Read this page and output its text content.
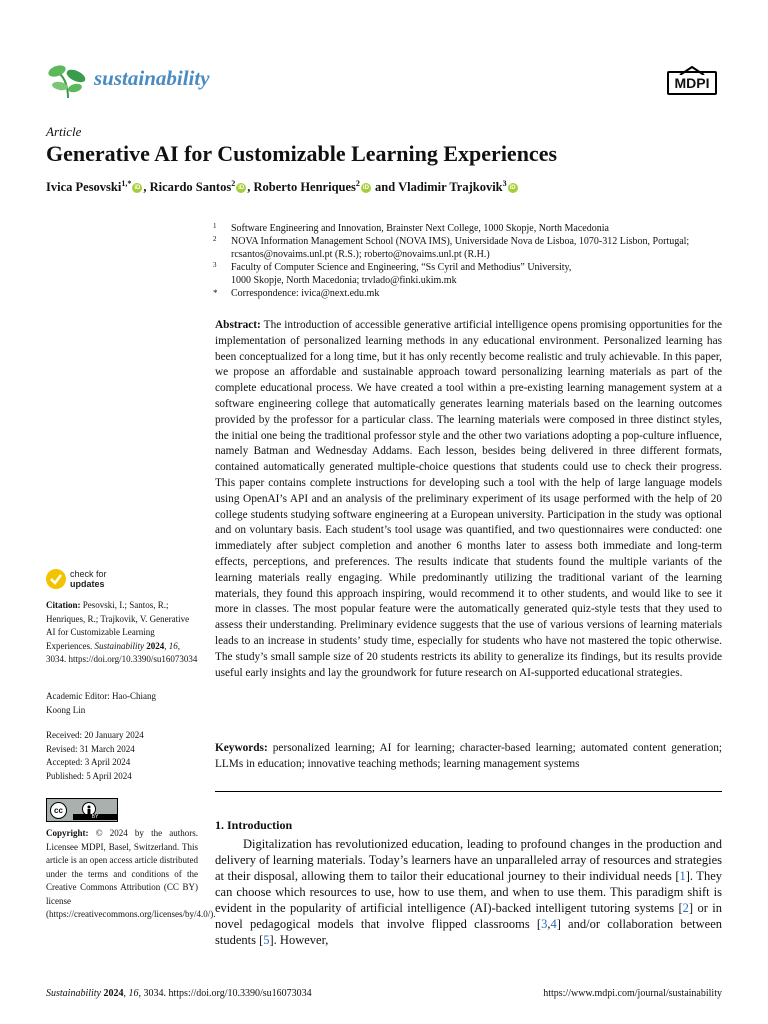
sustainability	MDPI
Article
Generative AI for Customizable Learning Experiences
Ivica Pesovski$^{1,*}$iD , Ricardo Santos$^2$iD , Roberto Henriques$^2$iD and Vladimir Trajkovik$^3$iD
1 Software Engineering and Innovation, Brainster Next College, 1000 Skopje, North Macedonia
2 NOVA Information Management School (NOVA IMS), Universidade Nova de Lisboa, 1070-312 Lisbon, Portugal;
rcsantos@novaims.unl.pt (R.S.); roberto@novaims.unl.pt (R.H.)
3 Faculty of Computer Science and Engineering, “Ss Cyril and Methodius” University,
1000 Skopje, North Macedonia; trvlado@finki.ukim.mk
* Correspondence: ivica@next.edu.mk
Abstract: The introduction of accessible generative artificial intelligence opens promising opportunities for the implementation of personalized learning methods in any educational environment. Personalized learning has been conceptualized for a long time, but it has only recently become realistic and truly achievable. In this paper, we propose an affordable and sustainable approach toward personalizing learning materials as part of the complete educational process. We have created a tool within a pre-existing learning management system at a software engineering college that automatically generates learning materials based on the learning outcomes provided by the professor for a particular class. The learning materials were composed in three distinct styles, the initial one being the traditional professor style and the other two variations adopting a pop-culture influence, namely Batman and Wednesday Addams. Each lesson, besides being delivered in three different formats, contained automatically generated multiple-choice questions that students could use to check their progress. This paper contains complete instructions for developing such a tool with the help of large language models using OpenAI’s API and an analysis of the preliminary experiment of its usage performed with the help of 20 college students studying software engineering at a European university. Participation in the study was optional and on voluntary basis. Each student’s tool usage was quantified, and two questionnaires were conducted: one immediately after subject completion and another 6 months later to assess both immediate and long-term effects, perceptions, and preferences. The results indicate that students found the multiple variants of the learning materials really engaging. While predominantly utilizing the traditional variant of the learning materials, they found this approach inspiring, would recommend it to other students, and would like to see it more in classes. The most popular feature were the automatically generated quiz-style tests that they used to assess their understanding. Preliminary evidence suggests that the use of various versions of learning materials leads to an increase in students’ study time, especially for students who have not mastered the topic otherwise. The study’s small sample size of 20 students restricts its ability to generalize its findings, but its results provide useful early insights and lay the groundwork for future research on AI-supported educational strategies.
Keywords: personalized learning; AI for learning; character-based learning; automated content generation; LLMs in education; innovative teaching methods; learning management systems
1. Introduction
Digitalization has revolutionized education, leading to profound changes in the production and delivery of learning materials. Today’s learners have an unparalleled array of resources and strategies at their disposal, allowing them to tailor their educational journey to their individual needs [1]. They can choose which resources to use, how to use them, and when to use them. This paradigm shift is evident in the popularity of artificial intelligence (AI)-backed intelligent tutoring systems [2] or in novel pedagogical models that involve flipped classrooms [3,4] and/or collaboration between students [5]. However,
check for
updates
Citation: Pesovski, I.; Santos, R.; Henriques, R.; Trajkovik, V. Generative AI for Customizable Learning Experiences. Sustainability 2024, 16, 3034. https://doi.org/10.3390/su16073034
Academic Editor: Hao-Chiang Koong Lin
Received: 20 January 2024
Revised: 31 March 2024
Accepted: 3 April 2024
Published: 5 April 2024
cc
BY
Copyright: © 2024 by the authors. Licensee MDPI, Basel, Switzerland. This article is an open access article distributed under the terms and conditions of the Creative Commons Attribution (CC BY) license (https://creativecommons.org/licenses/by/4.0/).
Sustainability 2024, 16, 3034. https://doi.org/10.3390/su16073034	https://www.mdpi.com/journal/sustainability
